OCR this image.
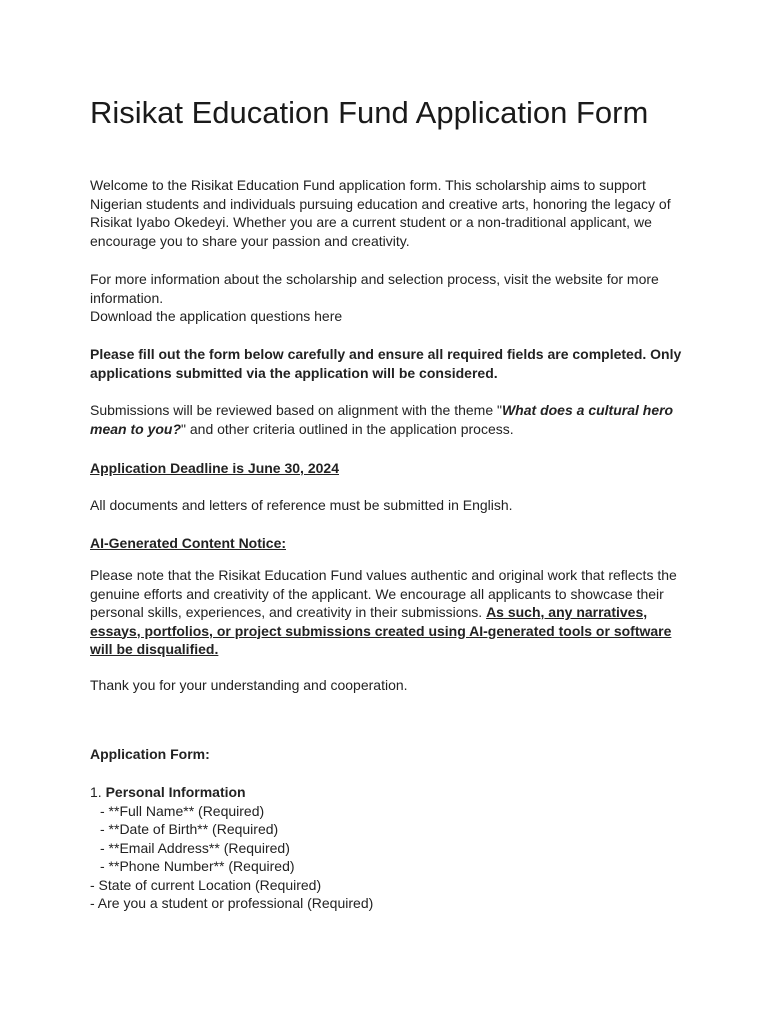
Risikat Education Fund Application Form

Welcome to the Risikat Education Fund application form. This scholarship aims to support Nigerian students and individuals pursuing education and creative arts, honoring the legacy of Risikat Iyabo Okedeyi. Whether you are a current student or a non-traditional applicant, we encourage you to share your passion and creativity.

For more information about the scholarship and selection process, visit the website for more information.
Download the application questions here

Please fill out the form below carefully and ensure all required fields are completed. Only applications submitted via the application will be considered.

Submissions will be reviewed based on alignment with the theme "What does a cultural hero mean to you?" and other criteria outlined in the application process.

Application Deadline is June 30, 2024

All documents and letters of reference must be submitted in English.

AI-Generated Content Notice:

Please note that the Risikat Education Fund values authentic and original work that reflects the genuine efforts and creativity of the applicant. We encourage all applicants to showcase their personal skills, experiences, and creativity in their submissions. As such, any narratives, essays, portfolios, or project submissions created using AI-generated tools or software will be disqualified.

Thank you for your understanding and cooperation.

Application Form:

1. Personal Information
- **Full Name** (Required)
- **Date of Birth** (Required)
- **Email Address** (Required)
- **Phone Number** (Required)
- State of current Location (Required)
- Are you a student or professional (Required)
